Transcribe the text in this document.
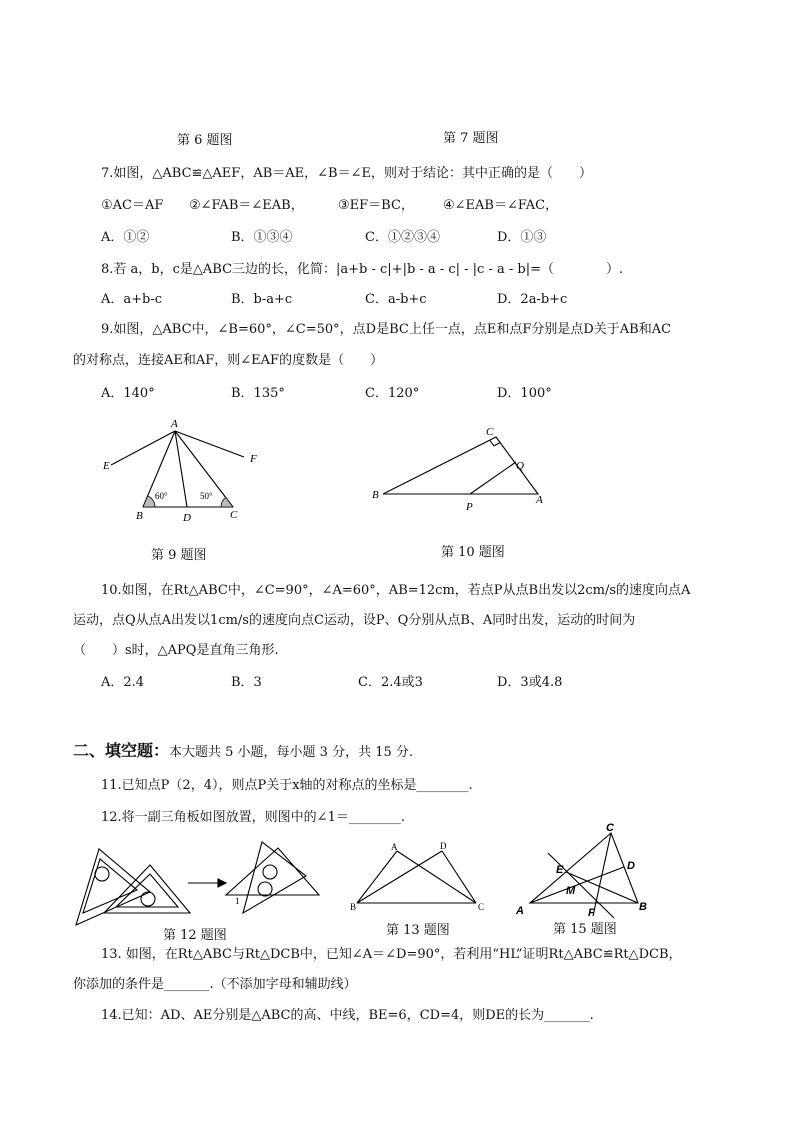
A
E
F
B	D	C
60°	50°
C
Q
B
P
A
1
A	D
B	C
C
E	D
M
A	F	B
第 6 题图	第 7 题图
7.如图，△ABC≌△AEF，AB＝AE，∠B＝∠E，则对于结论：其中正确的是（　　）
①AC＝AF ②∠FAB＝∠EAB，	③EF＝BC， ④∠EAB＝∠FAC，
A．①②	B．①③④	C．①②③④	D．①③
8.若 a，b，c是△ABC三边的长，化简：|a+b - c|+|b - a - c| - |c - a - b|=（　　　　）.
A．a+b-c	B．b-a+c	C．a-b+c	D．2a-b+c
9.如图，△ABC中，∠B=60°，∠C=50°，点D是BC上任一点，点E和点F分别是点D关于AB和AC
的对称点，连接AE和AF，则∠EAF的度数是（　　）
A．140°	B．135°	C．120°	D．100°
第 9 题图	第 10 题图
10.如图，在Rt△ABC中，∠C=90°，∠A=60°，AB=12cm，若点P从点B出发以2cm/s的速度向点A
运动，点Q从点A出发以1cm/s的速度向点C运动，设P、Q分别从点B、A同时出发，运动的时间为
（　　）s时，△APQ是直角三角形.
A．2.4	B．3	C．2.4或3	D．3或4.8
二、填空题：本大题共 5 小题，每小题 3 分，共 15 分.
11.已知点P（2，4），则点P关于x轴的对称点的坐标是________.
12.将一副三角板如图放置，则图中的∠1＝________.
第 12 题图	第 13 题图	第 15 题图
13. 如图，在Rt△ABC与Rt△DCB中，已知∠A＝∠D=90°，若利用“HL”证明Rt△ABC≌Rt△DCB，
你添加的条件是_______.（不添加字母和辅助线）
14.已知：AD、AE分别是△ABC的高、中线，BE=6，CD=4，则DE的长为_______.
